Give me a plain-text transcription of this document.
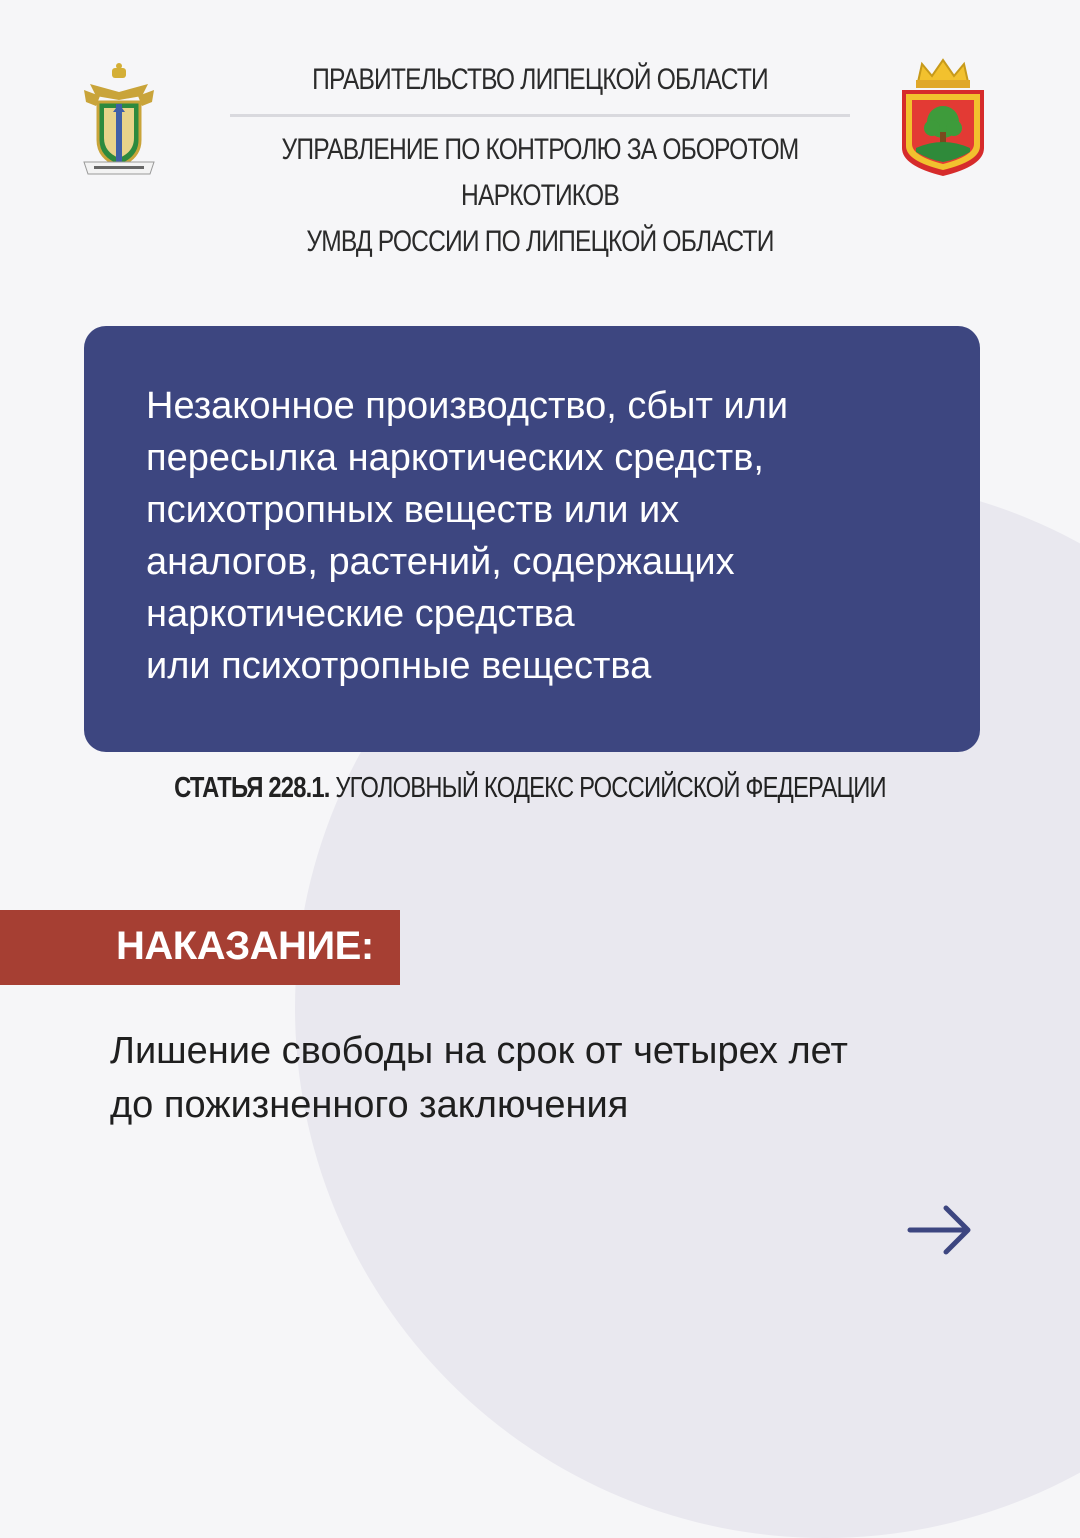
ПРАВИТЕЛЬСТВО ЛИПЕЦКОЙ ОБЛАСТИ
УПРАВЛЕНИЕ ПО КОНТРОЛЮ ЗА ОБОРОТОМ НАРКОТИКОВ
УМВД РОССИИ ПО ЛИПЕЦКОЙ ОБЛАСТИ
Незаконное производство, сбыт или
пересылка наркотических средств,
психотропных веществ или их
аналогов, растений, содержащих
наркотические средства
или психотропные вещества
СТАТЬЯ 228.1. УГОЛОВНЫЙ КОДЕКС РОССИЙСКОЙ ФЕДЕРАЦИИ
НАКАЗАНИЕ:
Лишение свободы на срок от четырех лет
до пожизненного заключения
